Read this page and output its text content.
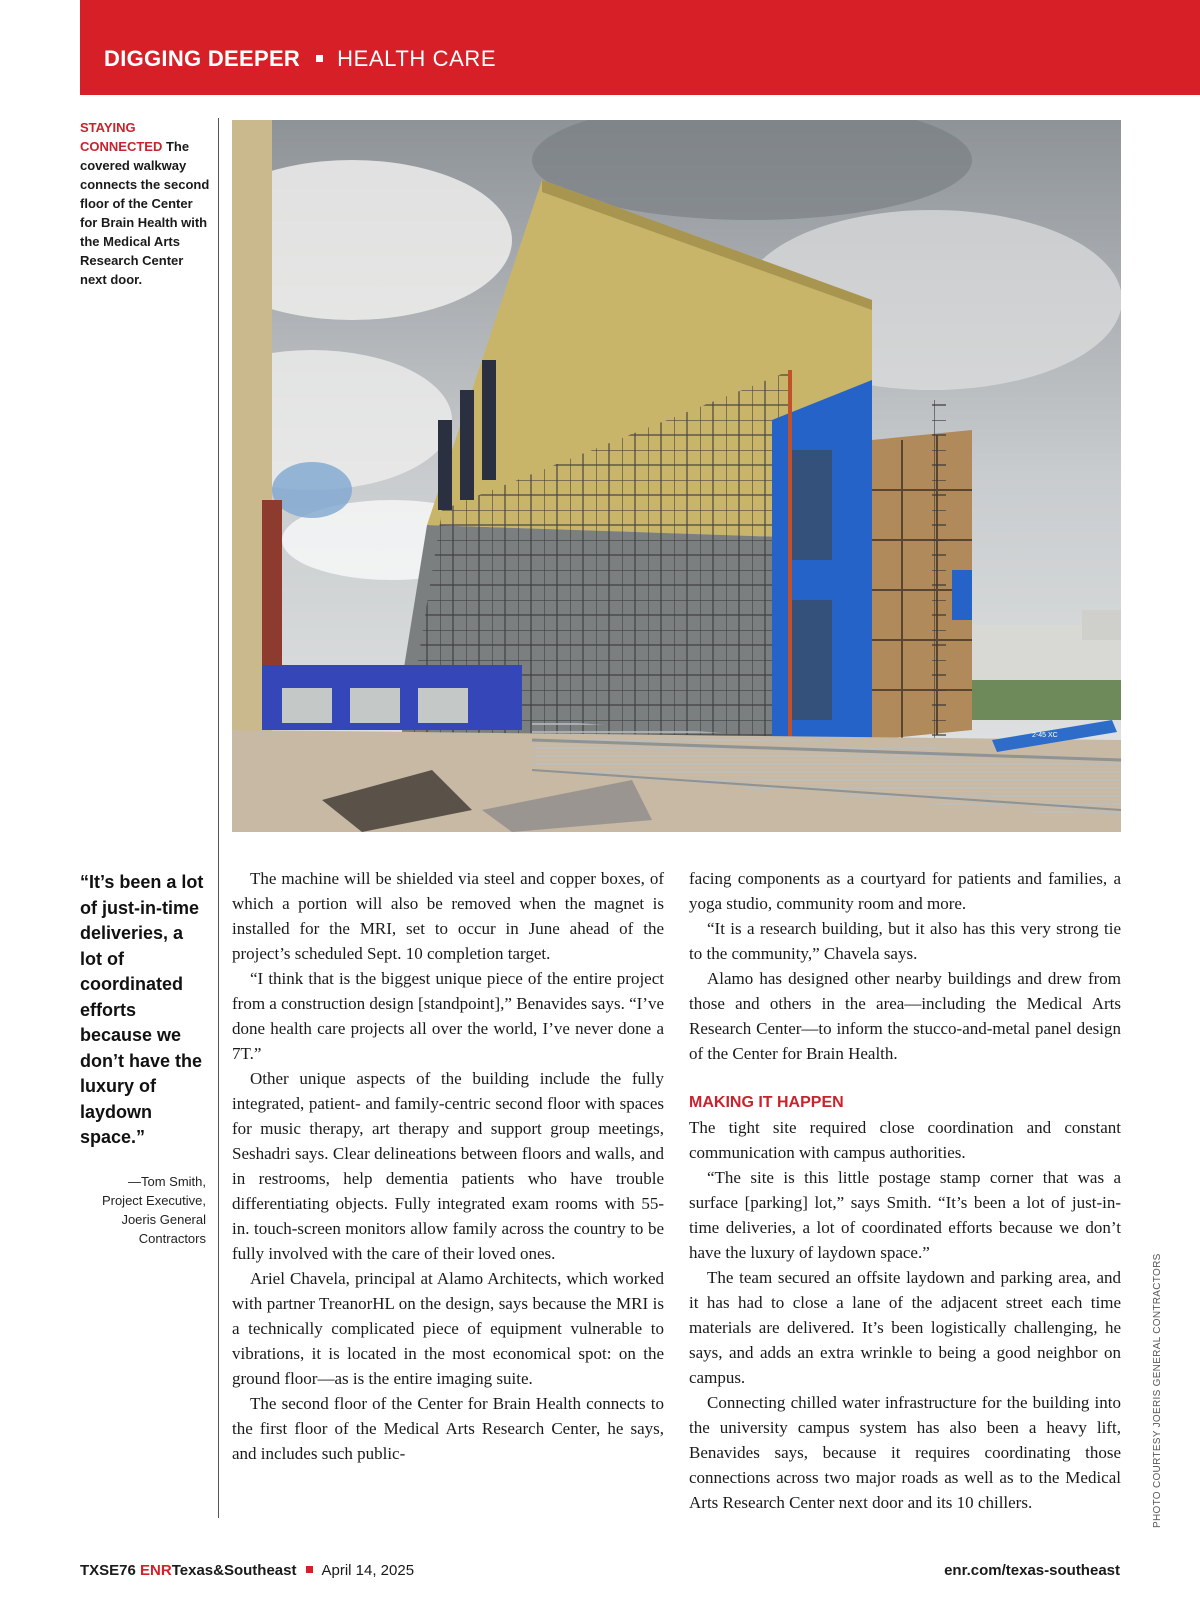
DIGGING DEEPER HEALTH CARE
STAYING CONNECTED The covered walkway connects the second floor of the Center for Brain Health with the Medical Arts Research Center next door.
2-45 XC
“It’s been a lot of just-in-time deliveries, a lot of coordinated efforts because we don’t have the luxury of laydown space.”
—Tom Smith,
Project Executive,
Joeris General Contractors

The machine will be shielded via steel and copper boxes, of which a portion will also be removed when the magnet is installed for the MRI, set to occur in June ahead of the project’s scheduled Sept. 10 completion target.

“I think that is the biggest unique piece of the entire project from a construction design [standpoint],” Benavides says. “I’ve done health care projects all over the world, I’ve never done a 7T.”

Other unique aspects of the building include the fully integrated, patient- and family-centric second floor with spaces for music therapy, art therapy and support group meetings, Seshadri says. Clear delineations between floors and walls, and in restrooms, help dementia patients who have trouble differentiating objects. Fully integrated exam rooms with 55-in. touch-screen monitors allow family across the country to be fully involved with the care of their loved ones.

Ariel Chavela, principal at Alamo Architects, which worked with partner TreanorHL on the design, says because the MRI is a technically complicated piece of equipment vulnerable to vibrations, it is located in the most economical spot: on the ground floor—as is the entire imaging suite.

The second floor of the Center for Brain Health connects to the first floor of the Medical Arts Research Center, he says, and includes such public-

facing components as a courtyard for patients and families, a yoga studio, community room and more.

“It is a research building, but it also has this very strong tie to the community,” Chavela says.

Alamo has designed other nearby buildings and drew from those and others in the area—including the Medical Arts Research Center—to inform the stucco-and-metal panel design of the Center for Brain Health.

MAKING IT HAPPEN

The tight site required close coordination and constant communication with campus authorities.

“The site is this little postage stamp corner that was a surface [parking] lot,” says Smith. “It’s been a lot of just-in-time deliveries, a lot of coordinated efforts because we don’t have the luxury of laydown space.”

The team secured an offsite laydown and parking area, and it has had to close a lane of the adjacent street each time materials are delivered. It’s been logistically challenging, he says, and adds an extra wrinkle to being a good neighbor on campus.

Connecting chilled water infrastructure for the building into the university campus system has also been a heavy lift, Benavides says, because it requires coordinating those connections across two major roads as well as to the Medical Arts Research Center next door and its 10 chillers.	PHOTO COURTESY JOERIS GENERAL CONTRACTORS
TXSE76 ENRTexas&Southeast April 14, 2025	enr.com/texas-southeast
